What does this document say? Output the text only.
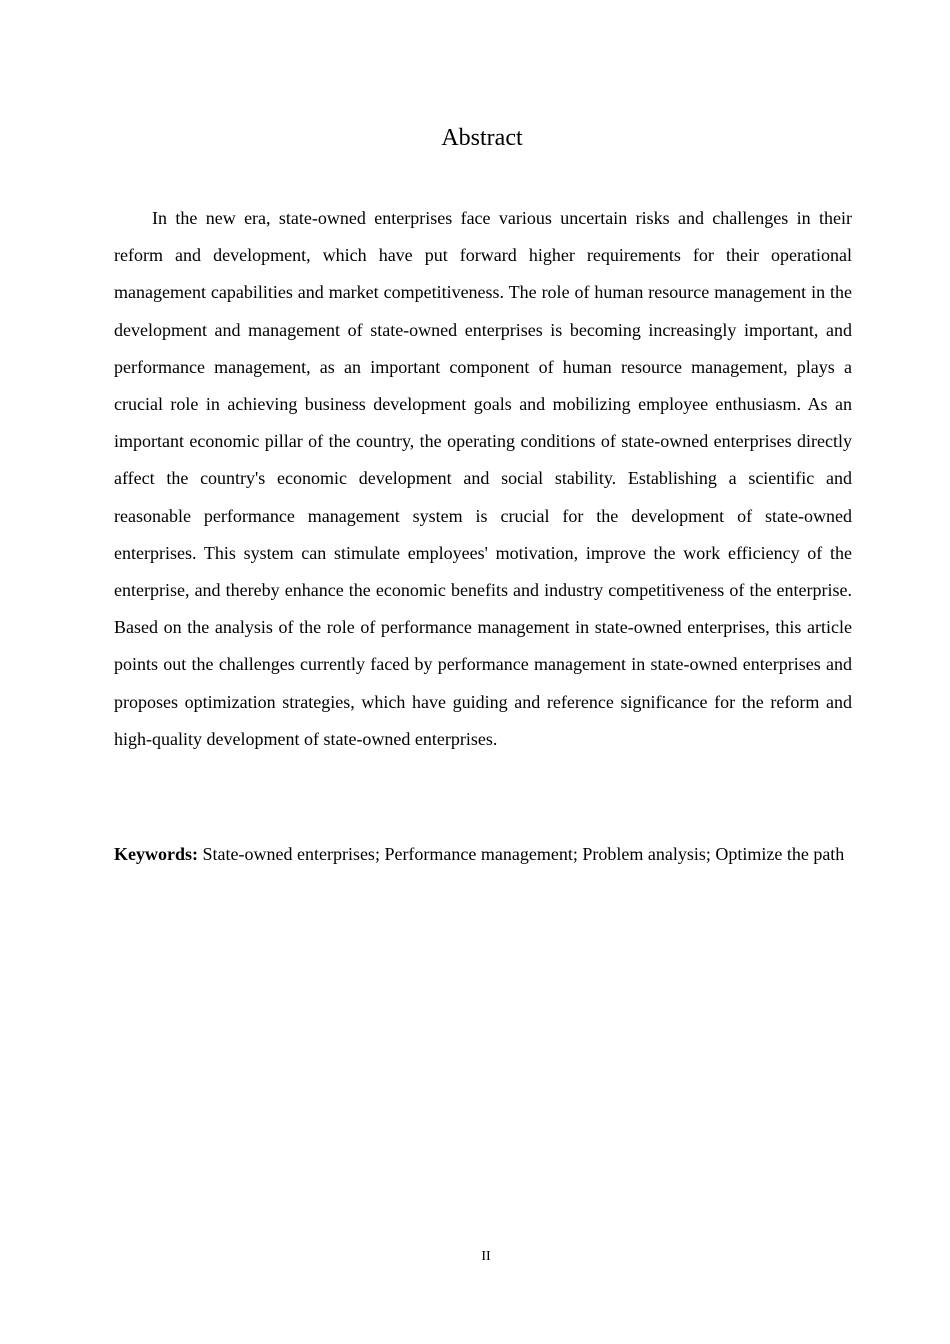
Abstract

In the new era, state-owned enterprises face various uncertain risks and challenges in their reform and development, which have put forward higher requirements for their operational management capabilities and market competitiveness. The role of human resource management in the development and management of state-owned enterprises is becoming increasingly important, and performance management, as an important component of human resource management, plays a crucial role in achieving business development goals and mobilizing employee enthusiasm. As an important economic pillar of the country, the operating conditions of state-owned enterprises directly affect the country's economic development and social stability. Establishing a scientific and reasonable performance management system is crucial for the development of state-owned enterprises. This system can stimulate employees' motivation, improve the work efficiency of the enterprise, and thereby enhance the economic benefits and industry competitiveness of the enterprise. Based on the analysis of the role of performance management in state-owned enterprises, this article points out the challenges currently faced by performance management in state-owned enterprises and proposes optimization strategies, which have guiding and reference significance for the reform and high-quality development of state-owned enterprises.

Keywords: State-owned enterprises; Performance management; Problem analysis; Optimize the path

II
